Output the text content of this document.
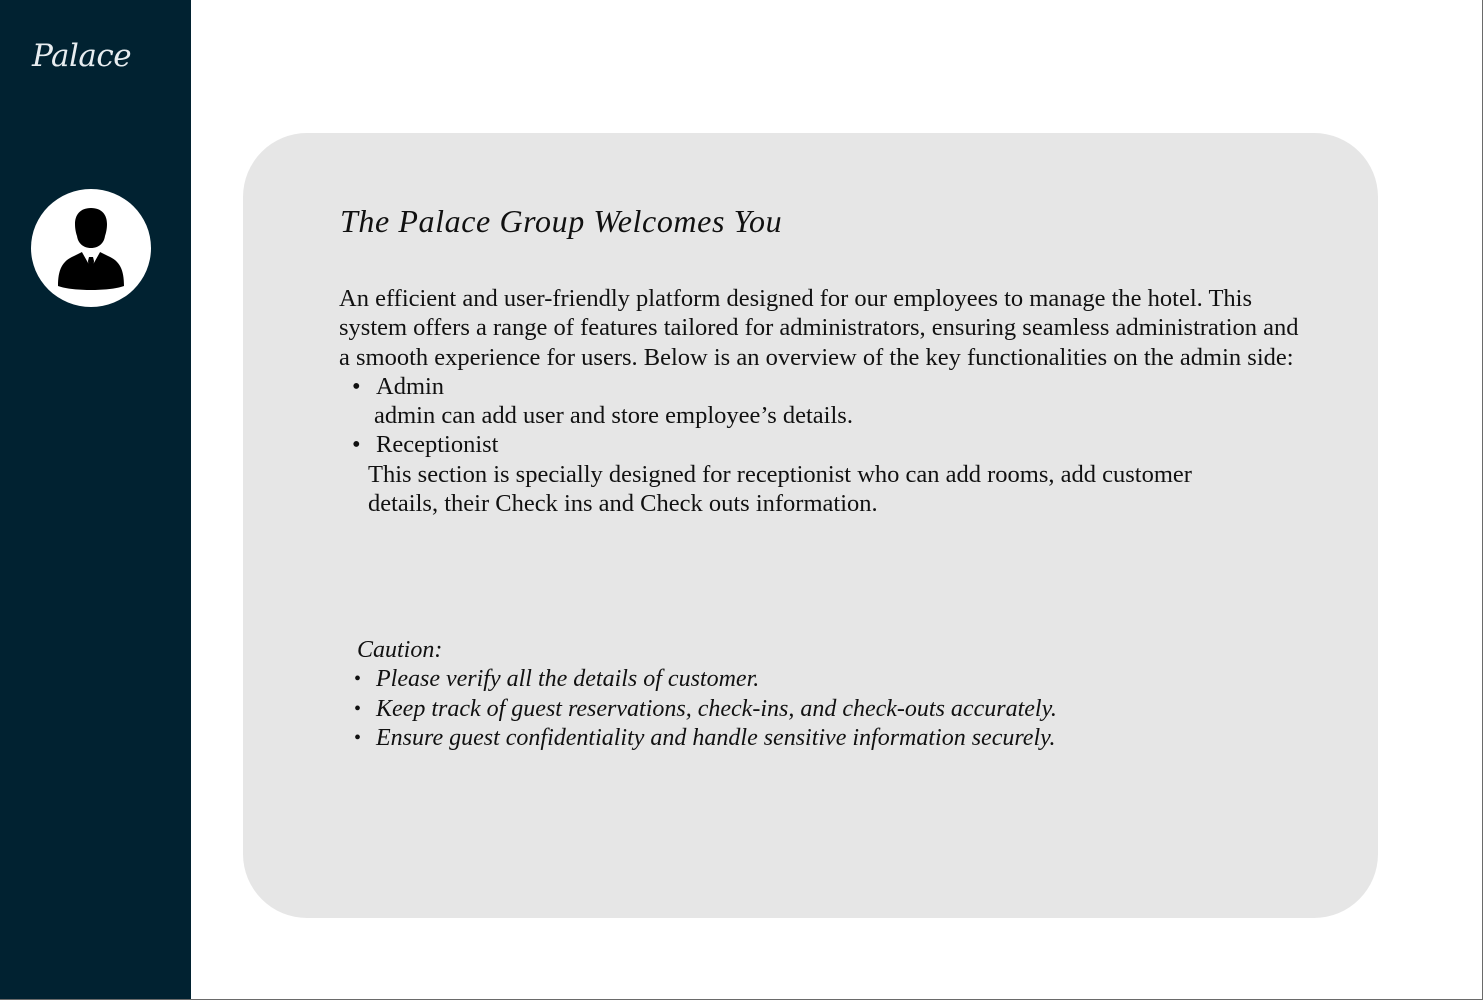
Palace
The Palace Group Welcomes You

An efficient and user-friendly platform designed for our employees to manage the hotel. This system offers a range of features tailored for administrators, ensuring seamless administration and a smooth experience for users. Below is an overview of the key functionalities on the admin side:

• Admin
admin can add user and store employee’s details.
• Receptionist
This section is specially designed for receptionist who can add rooms, add customer details, their Check ins and Check outs information.
Caution:
• Please verify all the details of customer.
• Keep track of guest reservations, check-ins, and check-outs accurately.
• Ensure guest confidentiality and handle sensitive information securely.
